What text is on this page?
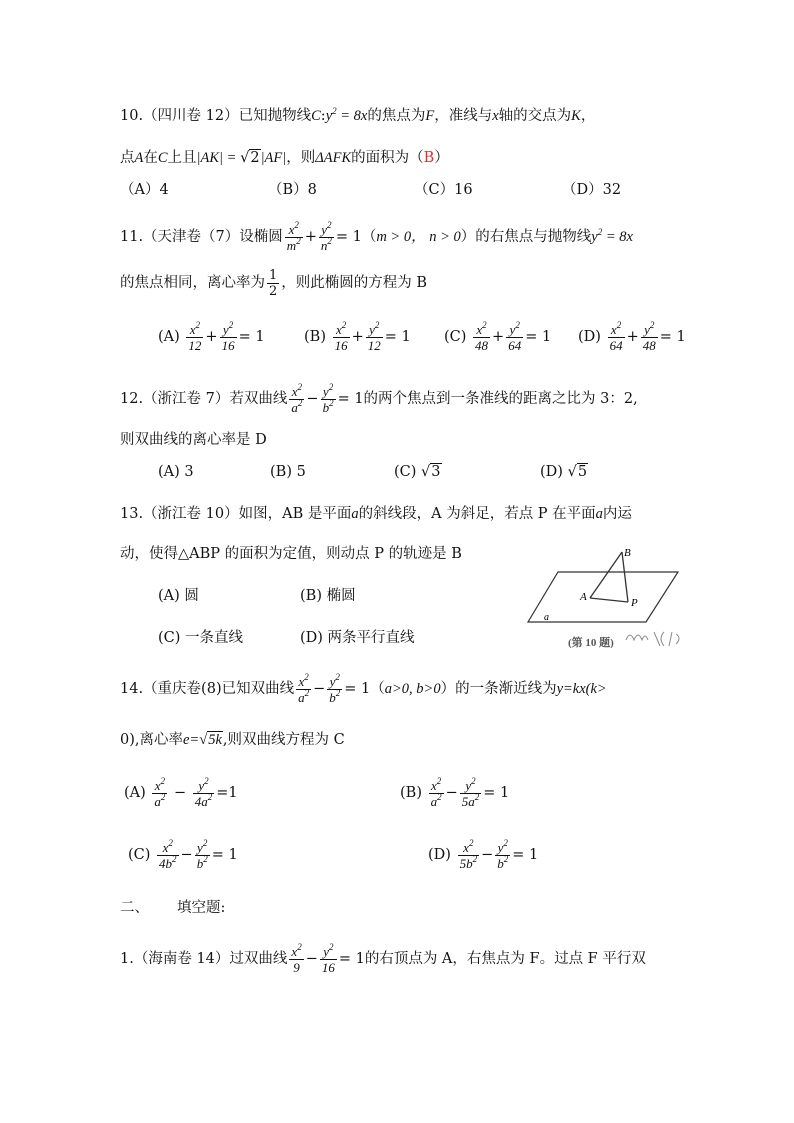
10.（四川卷 12）已知抛物线$C:y^2 = 8x$的焦点为F，准线与x轴的交点为K，
点A在C上且|AK| = √2|AF|，则ΔAFK的面积为（B）
（A）4	（B）8	（C）16	（D）32
11.（天津卷（7）设椭圆 $\frac{x^2}{m^2} + \frac{y^2}{n^2} = 1(m > 0$， n > 0）的右焦点与抛物线$y^2 = 8x$
的焦点相同，离心率为 $\frac{1}{2}$ ，则此椭圆的方程为 B
$(A) \frac{x^2}{12} + \frac{y^2}{16} = 1$	$(B) \frac{x^2}{16} + \frac{y^2}{12} = 1$ $(C) \frac{x^2}{48} + \frac{y^2}{64} = 1$ $(D) \frac{x^2}{64} + \frac{y^2}{48} = 1$
12.（浙江卷 7）若双曲线 $\frac{x^2}{a^2} - \frac{y^2}{b^2} = 1$的两个焦点到一条准线的距离之比为 3：2,
则双曲线的离心率是 D
(A) 3	(B) 5	(C) √3	(D) √5
13.（浙江卷 10）如图，AB 是平面a的斜线段，A 为斜足，若点 P 在平面a内运
动，使得△ABP 的面积为定值，则动点 P 的轨迹是 B
(A) 圆	(B) 椭圆
(C) 一条直线	(D) 两条平行直线
B
A	P
a
(第 10 题)
14.（重庆卷(8)已知双曲线 $\frac{x^2}{a^2} - \frac{y^2}{b^2} = 1(a>0$, b>0）的一条渐近线为y=kx(k>
0),离心率e=√5k,则双曲线方程为 C
$(A) \frac{x^2}{a^2} - \frac{y^2}{4a^2} =1$	$(B) \frac{x^2}{a^2} - \frac{y^2}{5a^2} = 1$
$(C) \frac{x^2}{4b^2} - \frac{y^2}{b^2} = 1$	$(D) \frac{x^2}{5b^2} - \frac{y^2}{b^2} = 1$
二、 填空题:
1.（海南卷 14）过双曲线 $\frac{x^2}{9} - \frac{y^2}{16} = 1$的右顶点为 A，右焦点为 F。过点 F 平行双
